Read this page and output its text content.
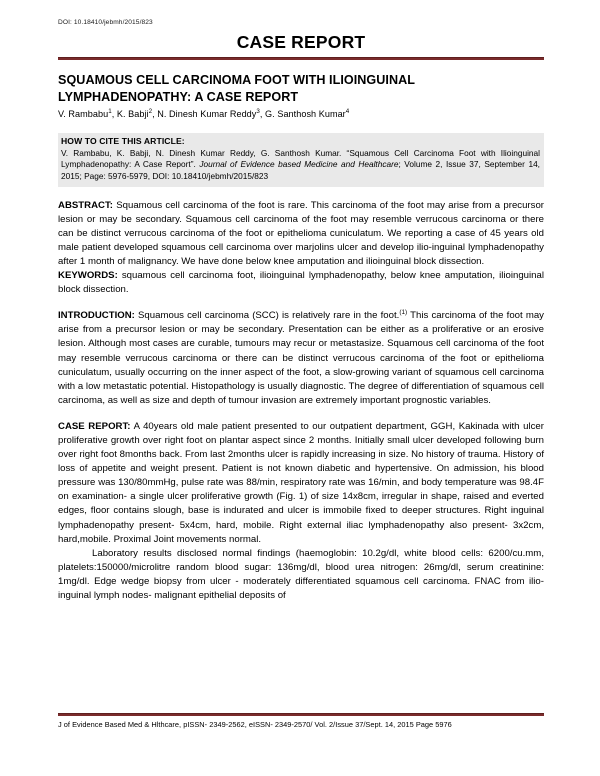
DOI: 10.18410/jebmh/2015/823
CASE REPORT
SQUAMOUS CELL CARCINOMA FOOT WITH ILIOINGUINAL LYMPHADENOPATHY: A CASE REPORT
V. Rambabu$^1$, K. Babji$^2$, N. Dinesh Kumar Reddy$^3$, G. Santhosh Kumar$^4$
HOW TO CITE THIS ARTICLE:
V. Rambabu, K. Babji, N. Dinesh Kumar Reddy, G. Santhosh Kumar. “Squamous Cell Carcinoma Foot with Ilioinguinal Lymphadenopathy: A Case Report”. Journal of Evidence based Medicine and Healthcare; Volume 2, Issue 37, September 14, 2015; Page: 5976-5979, DOI: 10.18410/jebmh/2015/823
ABSTRACT: Squamous cell carcinoma of the foot is rare. This carcinoma of the foot may arise from a precursor lesion or may be secondary. Squamous cell carcinoma of the foot may resemble verrucous carcinoma or there can be distinct verrucous carcinoma of the foot or epithelioma cuniculatum. We reporting a case of 45 years old male patient developed squamous cell carcinoma over marjolins ulcer and develop ilio-inguinal lymphadenopathy after 1 month of malignancy. We have done below knee amputation and ilioinguinal block dissection.
KEYWORDS: squamous cell carcinoma foot, ilioinguinal lymphadenopathy, below knee amputation, ilioinguinal block dissection.
INTRODUCTION: Squamous cell carcinoma (SCC) is relatively rare in the foot.$^{(1)}$ This carcinoma of the foot may arise from a precursor lesion or may be secondary. Presentation can be either as a proliferative or an erosive lesion. Although most cases are curable, tumours may recur or metastasize. Squamous cell carcinoma of the foot may resemble verrucous carcinoma or there can be distinct verrucous carcinoma of the foot or epithelioma cuniculatum, usually occurring on the inner aspect of the foot, a slow-growing variant of squamous cell carcinoma with a low metastatic potential. Histopathology is usually diagnostic. The degree of differentiation of squamous cell carcinoma, as well as size and depth of tumour invasion are extremely important prognostic variables.
CASE REPORT: A 40years old male patient presented to our outpatient department, GGH, Kakinada with ulcer proliferative growth over right foot on plantar aspect since 2 months. Initially small ulcer developed following burn over right foot 8months back. From last 2months ulcer is rapidly increasing in size. No history of trauma. History of loss of appetite and weight present. Patient is not known diabetic and hypertensive. On admission, his blood pressure was 130/80mmHg, pulse rate was 88/min, respiratory rate was 16/min, and body temperature was 98.4F on examination- a single ulcer proliferative growth (Fig. 1) of size 14x8cm, irregular in shape, raised and everted edges, floor contains slough, base is indurated and ulcer is immobile fixed to deeper structures. Right inguinal lymphadenopathy present- 5x4cm, hard, mobile. Right external iliac lymphadenopathy also present- 3x2cm, hard,mobile. Proximal Joint movements normal.
Laboratory results disclosed normal findings (haemoglobin: 10.2g/dl, white blood cells: 6200/cu.mm, platelets:150000/microlitre random blood sugar: 136mg/dl, blood urea nitrogen: 26mg/dl, serum creatinine: 1mg/dl. Edge wedge biopsy from ulcer - moderately differentiated squamous cell carcinoma. FNAC from ilio-inguinal lymph nodes- malignant epithelial deposits of
J of Evidence Based Med & Hlthcare, pISSN- 2349-2562, eISSN- 2349-2570/ Vol. 2/Issue 37/Sept. 14, 2015 Page 5976
